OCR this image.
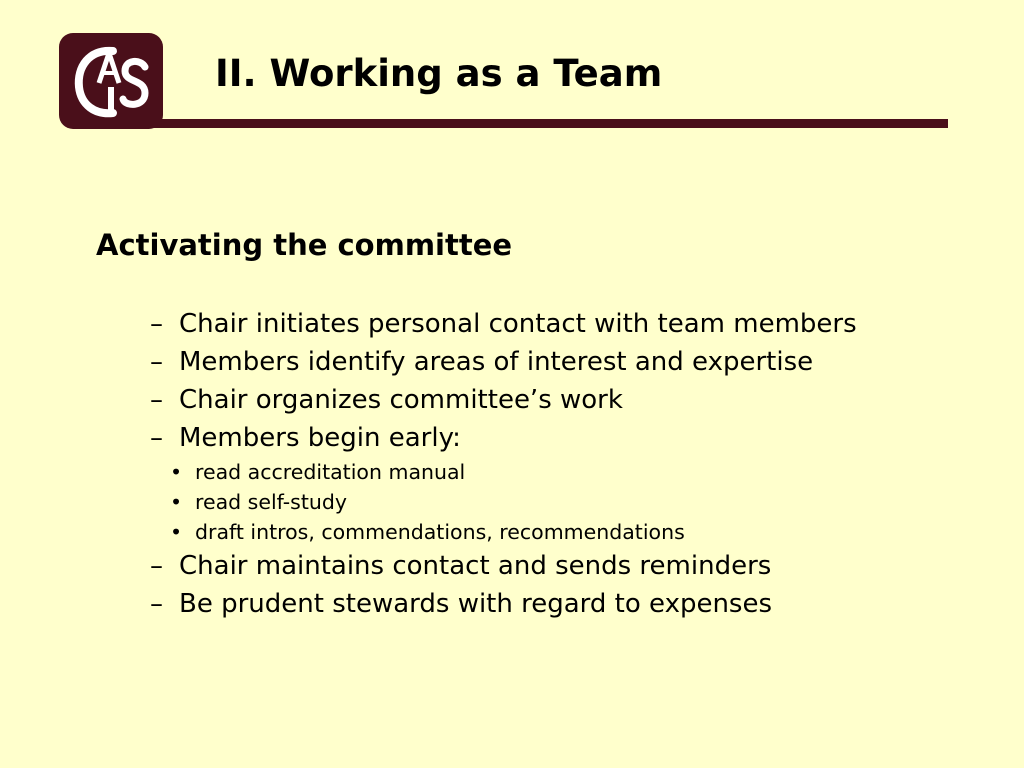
II. Working as a Team
Activating the committee
– Chair initiates personal contact with team members
– Members identify areas of interest and expertise
– Chair organizes committee’s work
– Members begin early:
• read accreditation manual
• read self-study
• draft intros, commendations, recommendations
– Chair maintains contact and sends reminders
– Be prudent stewards with regard to expenses
